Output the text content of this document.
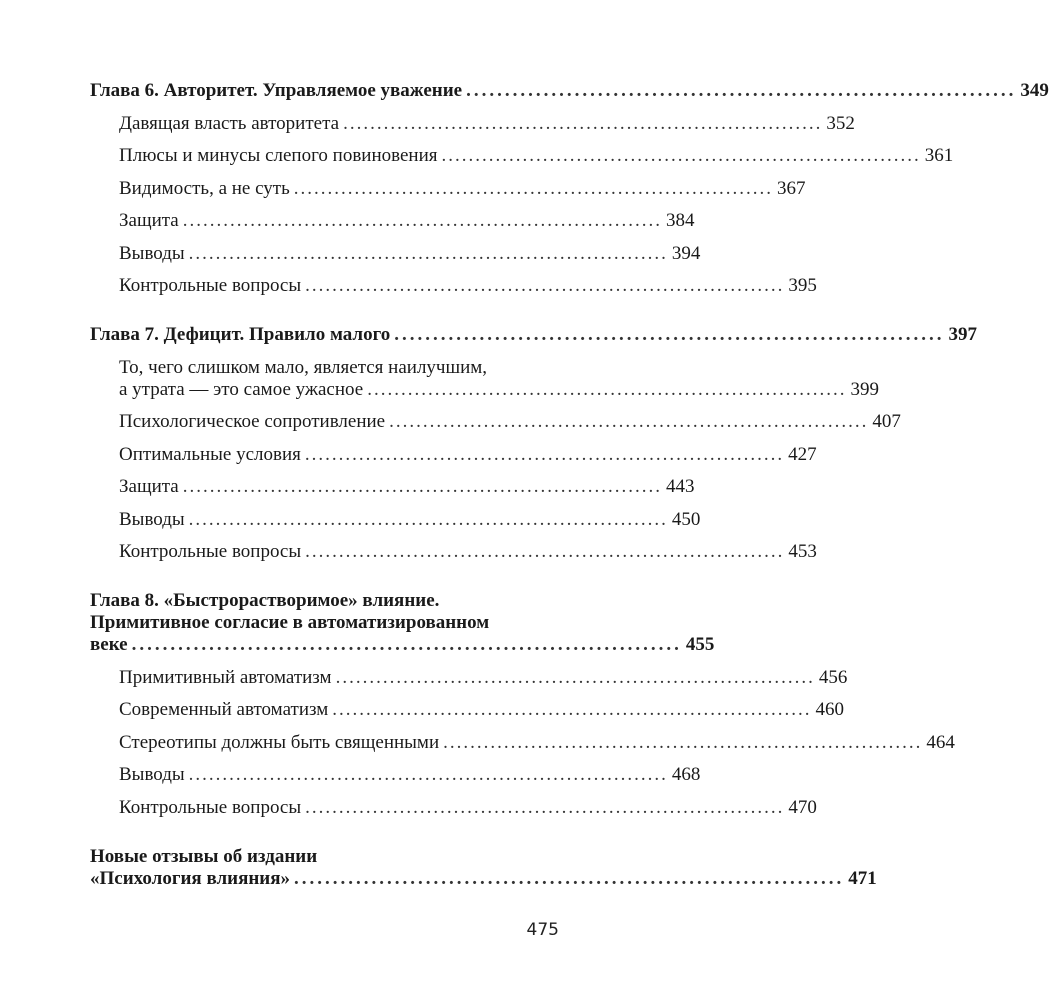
Глава 6. Авторитет. Управляемое уважение ....................................................................... 349
Давящая власть авторитета ....................................................................... 352
Плюсы и минусы слепого повиновения ....................................................................... 361
Видимость, а не суть ....................................................................... 367
Защита ....................................................................... 384
Выводы ....................................................................... 394
Контрольные вопросы ....................................................................... 395
Глава 7. Дефицит. Правило малого ....................................................................... 397
То, чего слишком мало, является наилучшим,
а утрата — это самое ужасное ....................................................................... 399
Психологическое сопротивление ....................................................................... 407
Оптимальные условия ....................................................................... 427
Защита ....................................................................... 443
Выводы ....................................................................... 450
Контрольные вопросы ....................................................................... 453
Глава 8. «Быстрорастворимое» влияние.
Примитивное согласие в автоматизированном
веке ....................................................................... 455
Примитивный автоматизм ....................................................................... 456
Современный автоматизм ....................................................................... 460
Стереотипы должны быть священными ....................................................................... 464
Выводы ....................................................................... 468
Контрольные вопросы ....................................................................... 470
Новые отзывы об издании
«Психология влияния» ....................................................................... 471
475
